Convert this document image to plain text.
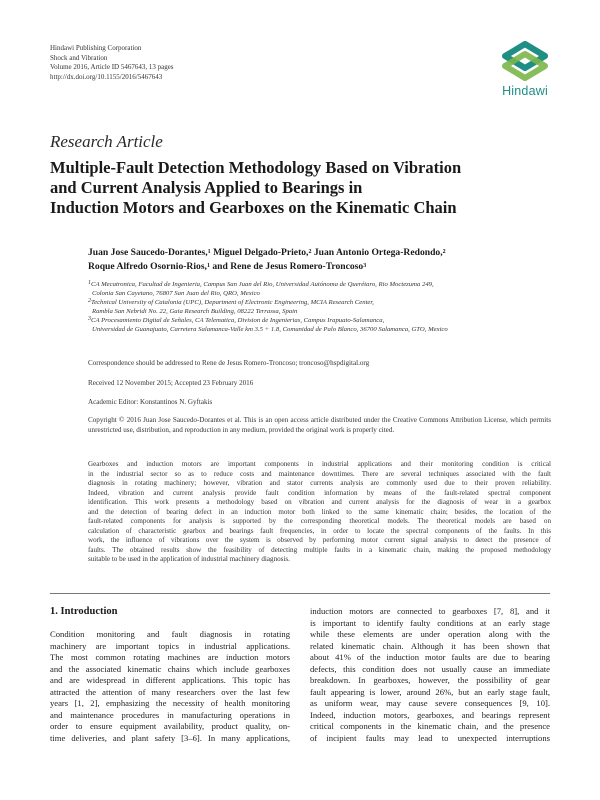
Hindawi Publishing Corporation
Shock and Vibration
Volume 2016, Article ID 5467643, 13 pages
http://dx.doi.org/10.1155/2016/5467643
Hindawi
Research Article
Multiple-Fault Detection Methodology Based on Vibration
and Current Analysis Applied to Bearings in
Induction Motors and Gearboxes on the Kinematic Chain
Juan Jose Saucedo-Dorantes,$^1$ Miguel Delgado-Prieto,$^2$ Juan Antonio Ortega-Redondo,$^2$
Roque Alfredo Osornio-Rios,$^1$ and Rene de Jesus Romero-Troncoso$^3$
$^1$CA Mecatronica, Facultad de Ingenieria, Campus San Juan del Rio, Universidad Autónoma de Querétaro, Rio Moctezuma 249,
Colonia San Cayetano, 76807 San Juan del Rio, QRO, Mexico
$^2$Technical University of Catalonia (UPC), Department of Electronic Engineering, MCIA Research Center,
Rambla San Nebridi No. 22, Gaia Research Building, 08222 Terrassa, Spain
$^3$CA Procesamiento Digital de Señales, CA Telematica, Division de Ingenierias, Campus Irapuato-Salamanca,
Universidad de Guanajuato, Carretera Salamanca-Valle km 3.5 + 1.8, Comunidad de Palo Blanco, 36700 Salamanca, GTO, Mexico
Correspondence should be addressed to Rene de Jesus Romero-Troncoso; troncoso@hspdigital.org
Received 12 November 2015; Accepted 23 February 2016
Academic Editor: Konstantinos N. Gyftakis
Copyright © 2016 Juan Jose Saucedo-Dorantes et al. This is an open access article distributed under the Creative Commons Attribution License, which permits unrestricted use, distribution, and reproduction in any medium, provided the original work is properly cited.
Gearboxes and induction motors are important components in industrial applications and their monitoring condition is critical
in the industrial sector so as to reduce costs and maintenance downtimes. There are several techniques associated with the fault
diagnosis in rotating machinery; however, vibration and stator currents analysis are commonly used due to their proven reliability.
Indeed, vibration and current analysis provide fault condition information by means of the fault-related spectral component
identification. This work presents a methodology based on vibration and current analysis for the diagnosis of wear in a gearbox
and the detection of bearing defect in an induction motor both linked to the same kinematic chain; besides, the location of the
fault-related components for analysis is supported by the corresponding theoretical models. The theoretical models are based on
calculation of characteristic gearbox and bearings fault frequencies, in order to locate the spectral components of the faults. In this
work, the influence of vibrations over the system is observed by performing motor current signal analysis to detect the presence of
faults. The obtained results show the feasibility of detecting multiple faults in a kinematic chain, making the proposed methodology
suitable to be used in the application of industrial machinery diagnosis.
1. Introduction
Condition monitoring and fault diagnosis in rotating
machinery are important topics in industrial applications.
The most common rotating machines are induction motors
and the associated kinematic chains which include gearboxes
and are widespread in different applications. This topic has
attracted the attention of many researchers over the last few
years [1, 2], emphasizing the necessity of health monitoring
and maintenance procedures in manufacturing operations in
order to ensure equipment availability, product quality, on-
time deliveries, and plant safety [3–6]. In many applications,
induction motors are connected to gearboxes [7, 8], and it
is important to identify faulty conditions at an early stage
while these elements are under operation along with the
related kinematic chain. Although it has been shown that
about 41% of the induction motor faults are due to bearing
defects, this condition does not usually cause an immediate
breakdown. In gearboxes, however, the possibility of gear
fault appearing is lower, around 26%, but an early stage fault,
as uniform wear, may cause severe consequences [9, 10].
Indeed, induction motors, gearboxes, and bearings represent
critical components in the kinematic chain, and the presence
of incipient faults may lead to unexpected interruptions
